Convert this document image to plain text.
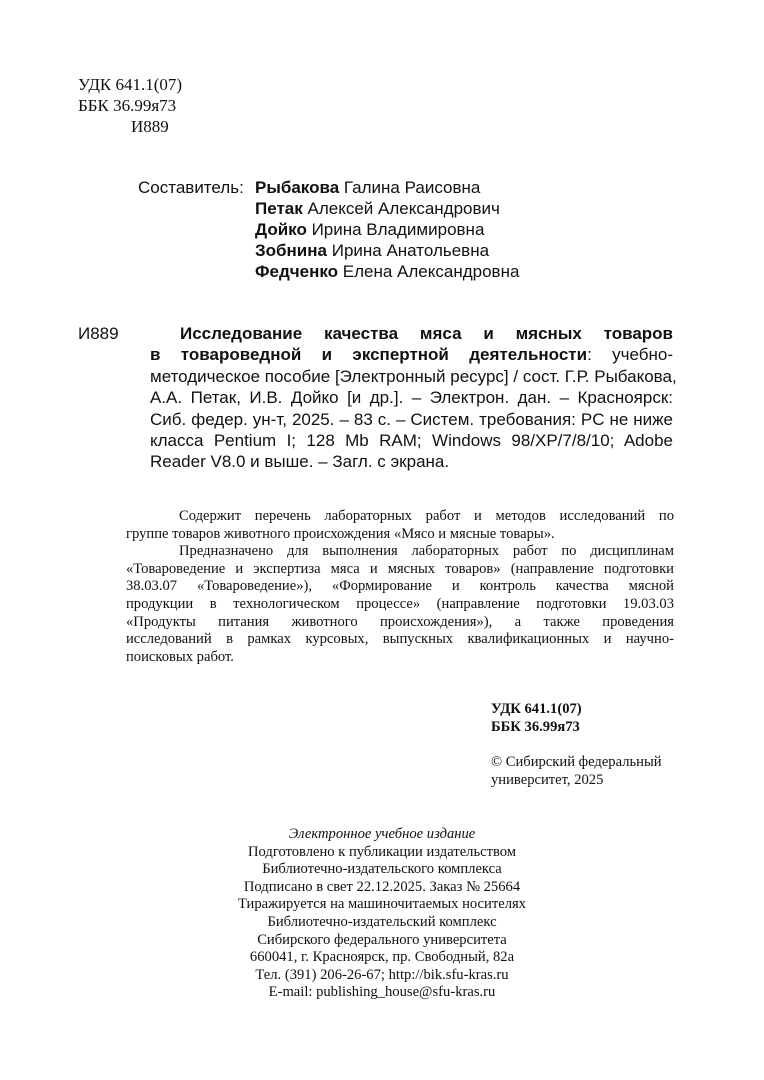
УДК 641.1(07)
ББК 36.99я73
И889
Составитель: Рыбакова Галина Раисовна
Петак Алексей Александрович
Дойко Ирина Владимировна
Зобнина Ирина Анатольевна
Федченко Елена Александровна
И889	Исследование качества мяса и мясных товаров
в товароведной и экспертной деятельности: учебно-
методическое пособие [Электронный ресурс] / сост. Г.Р. Рыбакова,
А.А. Петак, И.В. Дойко [и др.]. – Электрон. дан. – Красноярск:
Сиб. федер. ун-т, 2025. – 83 с. – Систем. требования: PC не ниже
класса Pentium I; 128 Mb RAM; Windows 98/XP/7/8/10; Adobe
Reader V8.0 и выше. – Загл. с экрана.
Содержит перечень лабораторных работ и методов исследований по
группе товаров животного происхождения «Мясо и мясные товары».
Предназначено для выполнения лабораторных работ по дисциплинам
«Товароведение и экспертиза мяса и мясных товаров» (направление подготовки
38.03.07 «Товароведение»), «Формирование и контроль качества мясной
продукции в технологическом процессе» (направление подготовки 19.03.03
«Продукты питания животного происхождения»), а также проведения
исследований в рамках курсовых, выпускных квалификационных и научно-
поисковых работ.
УДК 641.1(07)
ББК 36.99я73
© Сибирский федеральный
университет, 2025
Электронное учебное издание
Подготовлено к публикации издательством
Библиотечно-издательского комплекса
Подписано в свет 22.12.2025. Заказ № 25664
Тиражируется на машиночитаемых носителях
Библиотечно-издательский комплекс
Сибирского федерального университета
660041, г. Красноярск, пр. Свободный, 82а
Тел. (391) 206-26-67; http://bik.sfu-kras.ru
E-mail: publishing_house@sfu-kras.ru
